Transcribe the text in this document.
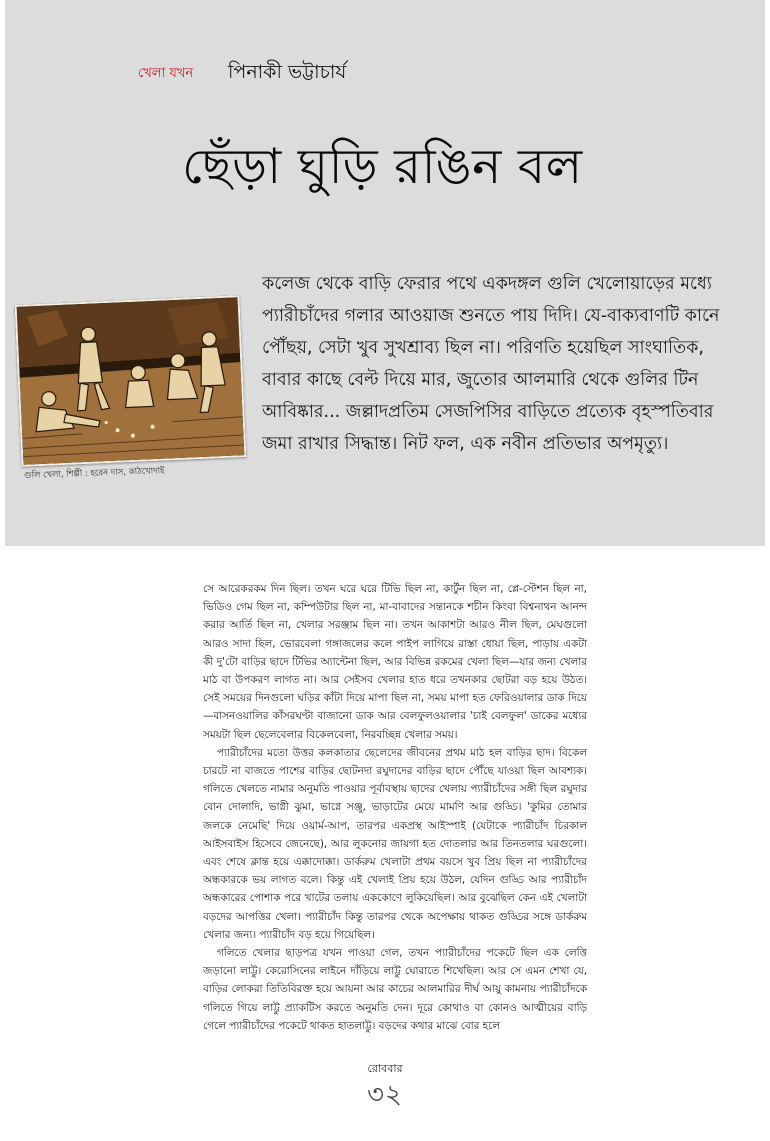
খেলা যখন পিনাকী ভট্টাচার্য
ছেঁড়া ঘুড়ি রঙিন বল
গুলি খেলা, শিল্পী : হরেন দাস, কাঠখোদাই

কলেজ থেকে বাড়ি ফেরার পথে একদঙ্গল গুলি খেলোয়াড়ের মধ্যে প্যারীচাঁদের গলার আওয়াজ শুনতে পায় দিদি। যে-বাক্যবাণটি কানে পৌঁছয়, সেটা খুব সুখশ্রাব্য ছিল না। পরিণতি হয়েছিল সাংঘাতিক, বাবার কাছে বেল্ট দিয়ে মার, জুতোর আলমারি থেকে গুলির টিন আবিষ্কার... জল্লাদপ্রতিম সেজপিসির বাড়িতে প্রত্যেক বৃহস্পতিবার জমা রাখার সিদ্ধান্ত। নিট ফল, এক নবীন প্রতিভার অপমৃত্যু।

সে আরেকরকম দিন ছিল। তখন ঘরে ঘরে টিভি ছিল না, কার্টুন ছিল না, প্লে-স্টেশন ছিল না, ভিডিও গেম ছিল না, কম্পিউটার ছিল না, মা-বাবাদের সন্তানকে শচীন কিংবা বিশ্বনাথন আনন্দ করার আর্তি ছিল না, খেলার সরঞ্জাম ছিল না। তখন আকাশটা আরও নীল ছিল, মেঘগুলো আরও সাদা ছিল, ভোরবেলা গঙ্গাজলের কলে পাইপ লাগিয়ে রাস্তা ধোয়া ছিল, পাড়ায় একটা কী দু'টো বাড়ির ছাদে টিভির অ্যান্টেনা ছিল, আর বিভিন্ন রকমের খেলা ছিল—যার জন্য খেলার মাঠ বা উপকরণ লাগত না। আর সেইসব খেলার হাত ধরে তখনকার ছোটরা বড় হয়ে উঠত। সেই সময়ের দিনগুলো ঘড়ির কাঁটা দিয়ে মাপা ছিল না, সময় মাপা হত ফেরিওয়ালার ডাক দিয়ে—বাসনওয়ালির কাঁসরঘণ্টা বাজানো ডাক আর বেলফুলওয়ালার 'চাই বেলফুল' ডাকের মধ্যের সময়টা ছিল ছেলেবেলার বিকেলবেলা, নিরবচ্ছিন্ন খেলার সময়।

প্যারীচাঁদের মতো উত্তর কলকাতার ছেলেদের জীবনের প্রথম মাঠ হল বাড়ির ছাদ। বিকেল চারটে না বাজতে পাশের বাড়ির ছোটনদা রঘুদাদের বাড়ির ছাদে পৌঁছে যাওয়া ছিল আবশ্যক। গলিতে খেলতে নামার অনুমতি পাওয়ার পূর্বাবস্থায় ছাদের খেলায় প্যারীচাঁদের সঙ্গী ছিল রঘুদার বোন দোলাদি, ভাগ্নী ঝুমা, ভাগ্নে সঞ্জু, ভাড়াটের মেয়ে মামণি আর গুড্ডি। 'কুমির তোমার জলকে নেমেছি' দিয়ে ওয়ার্ম-আপ, তারপর একপ্রস্থ আইস্পাই (যেটাকে প্যারীচাঁদ চিরকাল আইসবাইস হিসেবে জেনেছে), আর লুকনোর জায়গা হত দোতলার আর তিনতলার ঘরগুলো। এবং শেষে ক্লান্ত হয়ে এক্কাদোক্কা। ডার্করুম খেলাটা প্রথম বয়সে খুব প্রিয় ছিল না প্যারীচাঁদের অন্ধকারকে ভয় লাগত বলে। কিন্তু এই খেলাই প্রিয় হয়ে উঠল, যেদিন গুড্ডি আর প্যারীচাঁদ অন্ধকারের পোশাক পরে খাটের তলায় এককোণে লুকিয়েছিল। আর বুঝেছিল কেন এই খেলাটা বড়দের আপত্তির খেলা। প্যারীচাঁদ কিন্তু তারপর থেকে অপেক্ষায় থাকত গুড্ডির সঙ্গে ডার্করুম খেলার জন্য। প্যারীচাঁদ বড় হয়ে গিয়েছিল।

গলিতে খেলার ছাড়পত্র যখন পাওয়া গেল, তখন প্যারীচাঁদের পকেটে ছিল এক লেত্তি জড়ানো লাট্টু। কেরোসিনের লাইনে দাঁড়িয়ে লাট্টু ঘোরাতে শিখেছিল। আর সে এমন শেখা যে, বাড়ির লোকরা তিতিবিরক্ত হয়ে আয়না আর কাচের আলমারির দীর্ঘ আয়ু কামনায় প্যারীচাঁদকে গলিতে গিয়ে লাট্টু প্র্যাকটিস করতে অনুমতি দেন। দূরে কোথাও বা কোনও আত্মীয়ের বাড়ি গেলে প্যারীচাঁদের পকেটে থাকত হাতলাট্টু। বড়দের কথার মাঝে বোর হলে

রোববার
৩২
